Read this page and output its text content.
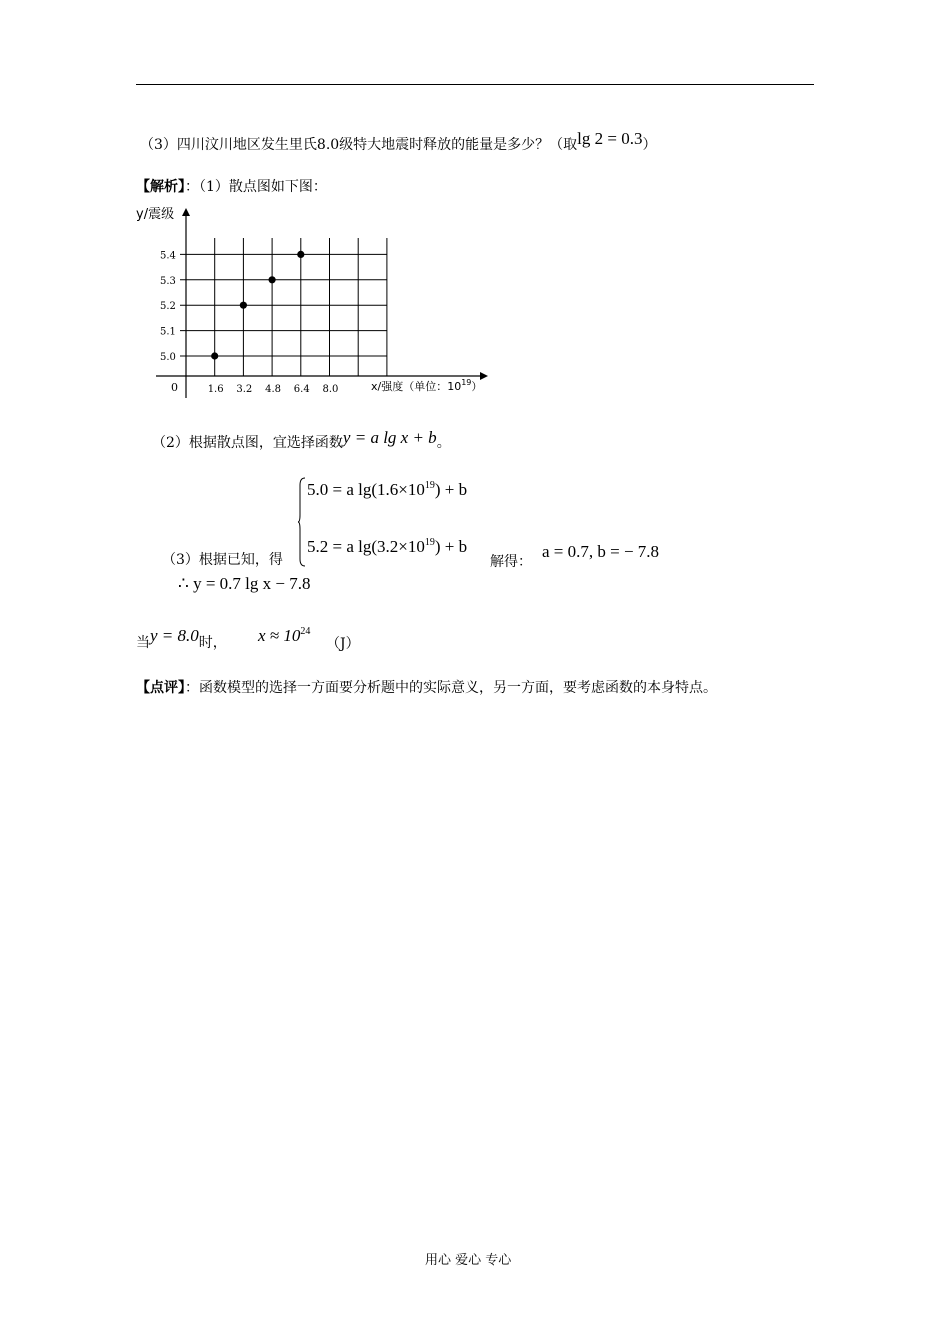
（3）四川汶川地区发生里氏8.0级特大地震时释放的能量是多少？（取lg 2 = 0.3）
【解析】：（1）散点图如下图：
1.6 3.2 4.8 6.4 8.0
5.0
5.1
5.2
5.3
5.4
y/震级
0	x/强度（单位：$10^{19}$）
（2）根据散点图，宜选择函数y = a lg x + b。
5.0 = a $\lg(1.6\times 10^{19}) + b$
5.2 = a $\lg(3.2\times 10^{19}) + b$
（3）根据已知，得	解得：
a = 0.7, b = − 7.8
∴ y = 0.7 lg x − 7.8
当y = 8.0时， $x \approx 10^{24}$
（J）
【点评】：函数模型的选择一方面要分析题中的实际意义，另一方面，要考虑函数的本身特点。
用心 爱心 专心
